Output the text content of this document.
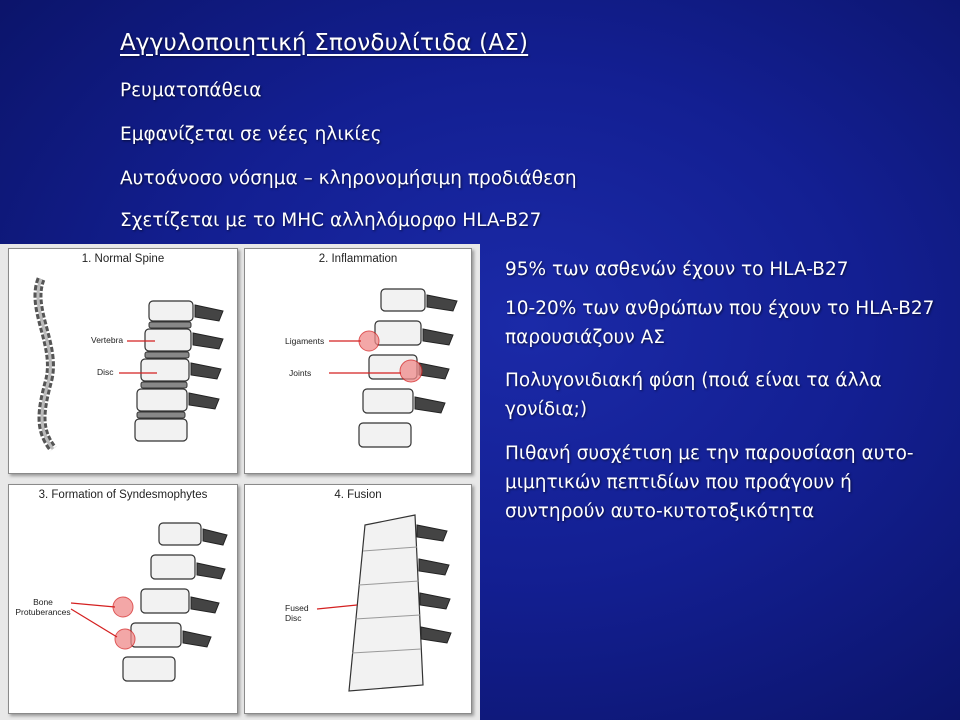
Αγγυλοποιητική Σπονδυλίτιδα (ΑΣ)
Ρευματοπάθεια
Εμφανίζεται σε νέες ηλικίες
Αυτοάνοσο νόσημα – κληρονομήσιμη προδιάθεση
Σχετίζεται με το MHC αλληλόμορφο HLA-B27
95% των ασθενών έχουν το HLA-B27
10-20% των ανθρώπων που έχουν το HLA-B27 παρουσιάζουν ΑΣ
Πολυγονιδιακή φύση (ποιά είναι τα άλλα γονίδια;)
Πιθανή συσχέτιση με την παρουσίαση αυτο-μιμητικών πεπτιδίων που προάγουν ή συντηρούν αυτο-κυτοτοξικότητα
1. Normal Spine
Vertebra
Disc
2. Inflammation
Ligaments
Joints
3. Formation of Syndesmophytes
Bone Protuberances
4. Fusion
Fused Disc
